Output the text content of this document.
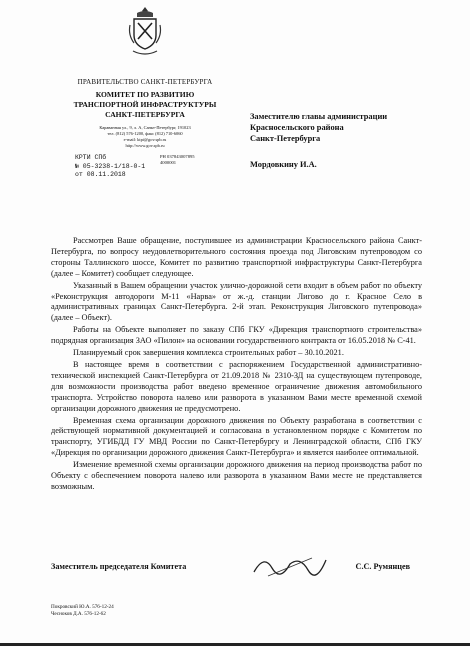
ПРАВИТЕЛЬСТВО САНКТ-ПЕТЕРБУРГА
КОМИТЕТ ПО РАЗВИТИЮ
ТРАНСПОРТНОЙ ИНФРАСТРУКТУРЫ
САНКТ-ПЕТЕРБУРГА
Караванная ул., 9, л. А, Санкт-Петербург, 191023
тел. (812) 576-1200, факс (812) 710-6060
e-mail: ktpi@gov.spb.ru
http://www.gov.spb.ru
КРТИ СПб
№ 05-3238-1/18-0-1
от 08.11.2018
РН 037843007895
4000001
Заместителю главы администрации
Красносельского района
Санкт-Петербурга
Мордовкину И.А.

Рассмотрев Ваше обращение, поступившее из администрации Красносельского района Санкт-Петербурга, по вопросу неудовлетворительного состояния проезда под Лиговским путепроводом со стороны Таллинского шоссе, Комитет по развитию транспортной инфраструктуры Санкт-Петербурга (далее – Комитет) сообщает следующее.

Указанный в Вашем обращении участок улично-дорожной сети входит в объем работ по объекту «Реконструкция автодороги М-11 «Нарва» от ж.-д. станции Лигово до г. Красное Село в административных границах Санкт-Петербурга. 2-й этап. Реконструкция Лиговского путепровода» (далее – Объект).

Работы на Объекте выполняет по заказу СПб ГКУ «Дирекция транспортного строительства» подрядная организация ЗАО «Пилон» на основании государственного контракта от 16.05.2018 № С-41.

Планируемый срок завершения комплекса строительных работ – 30.10.2021.

В настоящее время в соответствии с распоряжением Государственной административно-технической инспекцией Санкт-Петербурга от 21.09.2018 № 2310-ЗД на существующем путепроводе, для возможности производства работ введено временное ограничение движения автомобильного транспорта. Устройство поворота налево или разворота в указанном Вами месте временной схемой организации дорожного движения не предусмотрено.

Временная схема организации дорожного движения по Объекту разработана в соответствии с действующей нормативной документацией и согласована в установленном порядке с Комитетом по транспорту, УГИБДД ГУ МВД России по Санкт-Петербургу и Ленинградской области, СПб ГКУ «Дирекция по организации дорожного движения Санкт-Петербурга» и является наиболее оптимальной.

Изменение временной схемы организации дорожного движения на период производства работ по Объекту с обеспечением поворота налево или разворота в указанном Вами месте не представляется возможным.

Заместитель председателя Комитета	С.С. Румянцев
Покровский Ю.А. 576-12-24
Чесноков Д.А. 576-12-62
